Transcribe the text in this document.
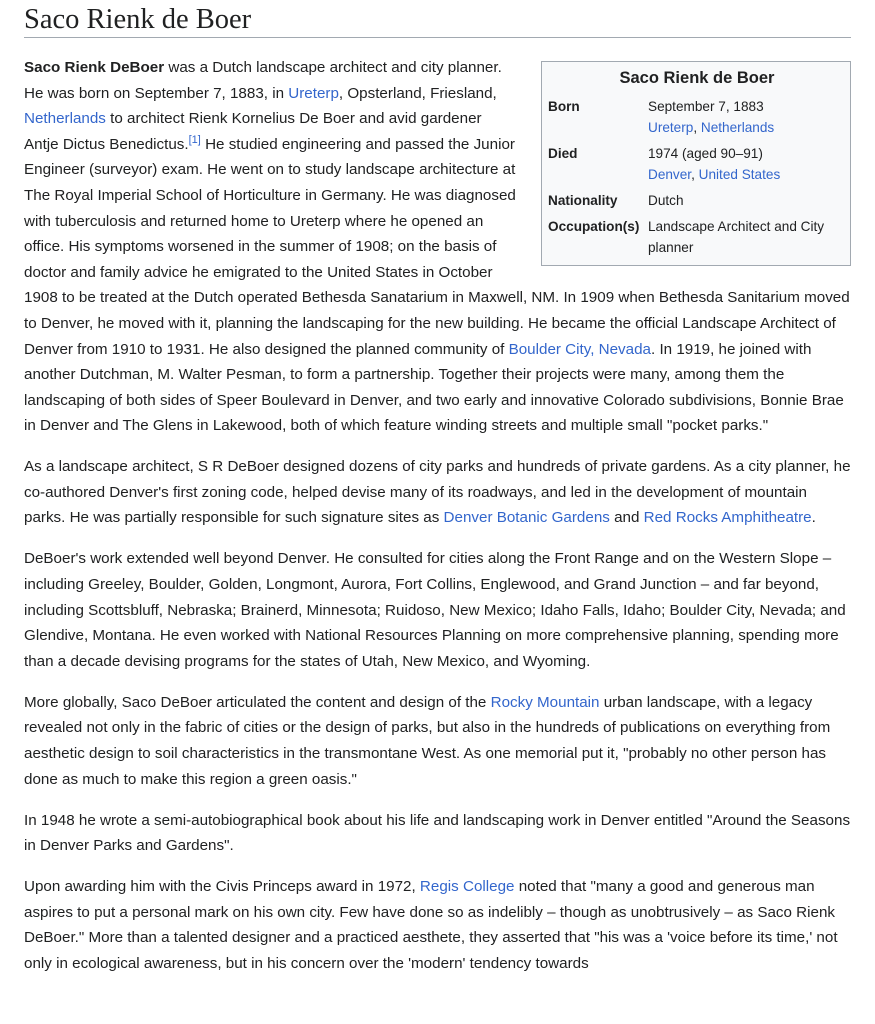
Saco Rienk de Boer
Saco Rienk de Boer
Born	September 7, 1883
Ureterp, Netherlands
Died	1974 (aged 90–91)
Denver, United States
Nationality	Dutch
Occupation(s)	Landscape Architect and City planner

Saco Rienk DeBoer was a Dutch landscape architect and city planner. He was born on September 7, 1883, in Ureterp, Opsterland, Friesland, Netherlands to architect Rienk Kornelius De Boer and avid gardener Antje Dictus Benedictus.[1] He studied engineering and passed the Junior Engineer (surveyor) exam. He went on to study landscape architecture at The Royal Imperial School of Horticulture in Germany. He was diagnosed with tuberculosis and returned home to Ureterp where he opened an office. His symptoms worsened in the summer of 1908; on the basis of doctor and family advice he emigrated to the United States in October 1908 to be treated at the Dutch operated Bethesda Sanatarium in Maxwell, NM. In 1909 when Bethesda Sanitarium moved to Denver, he moved with it, planning the landscaping for the new building. He became the official Landscape Architect of Denver from 1910 to 1931. He also designed the planned community of Boulder City, Nevada. In 1919, he joined with another Dutchman, M. Walter Pesman, to form a partnership. Together their projects were many, among them the landscaping of both sides of Speer Boulevard in Denver, and two early and innovative Colorado subdivisions, Bonnie Brae in Denver and The Glens in Lakewood, both of which feature winding streets and multiple small "pocket parks."

As a landscape architect, S R DeBoer designed dozens of city parks and hundreds of private gardens. As a city planner, he co-authored Denver's first zoning code, helped devise many of its roadways, and led in the development of mountain parks. He was partially responsible for such signature sites as Denver Botanic Gardens and Red Rocks Amphitheatre.

DeBoer's work extended well beyond Denver. He consulted for cities along the Front Range and on the Western Slope – including Greeley, Boulder, Golden, Longmont, Aurora, Fort Collins, Englewood, and Grand Junction – and far beyond, including Scottsbluff, Nebraska; Brainerd, Minnesota; Ruidoso, New Mexico; Idaho Falls, Idaho; Boulder City, Nevada; and Glendive, Montana. He even worked with National Resources Planning on more comprehensive planning, spending more than a decade devising programs for the states of Utah, New Mexico, and Wyoming.

More globally, Saco DeBoer articulated the content and design of the Rocky Mountain urban landscape, with a legacy revealed not only in the fabric of cities or the design of parks, but also in the hundreds of publications on everything from aesthetic design to soil characteristics in the transmontane West. As one memorial put it, "probably no other person has done as much to make this region a green oasis."

In 1948 he wrote a semi-autobiographical book about his life and landscaping work in Denver entitled "Around the Seasons in Denver Parks and Gardens".

Upon awarding him with the Civis Princeps award in 1972, Regis College noted that "many a good and generous man aspires to put a personal mark on his own city. Few have done so as indelibly – though as unobtrusively – as Saco Rienk DeBoer." More than a talented designer and a practiced aesthete, they asserted that "his was a 'voice before its time,' not only in ecological awareness, but in his concern over the 'modern' tendency towards
